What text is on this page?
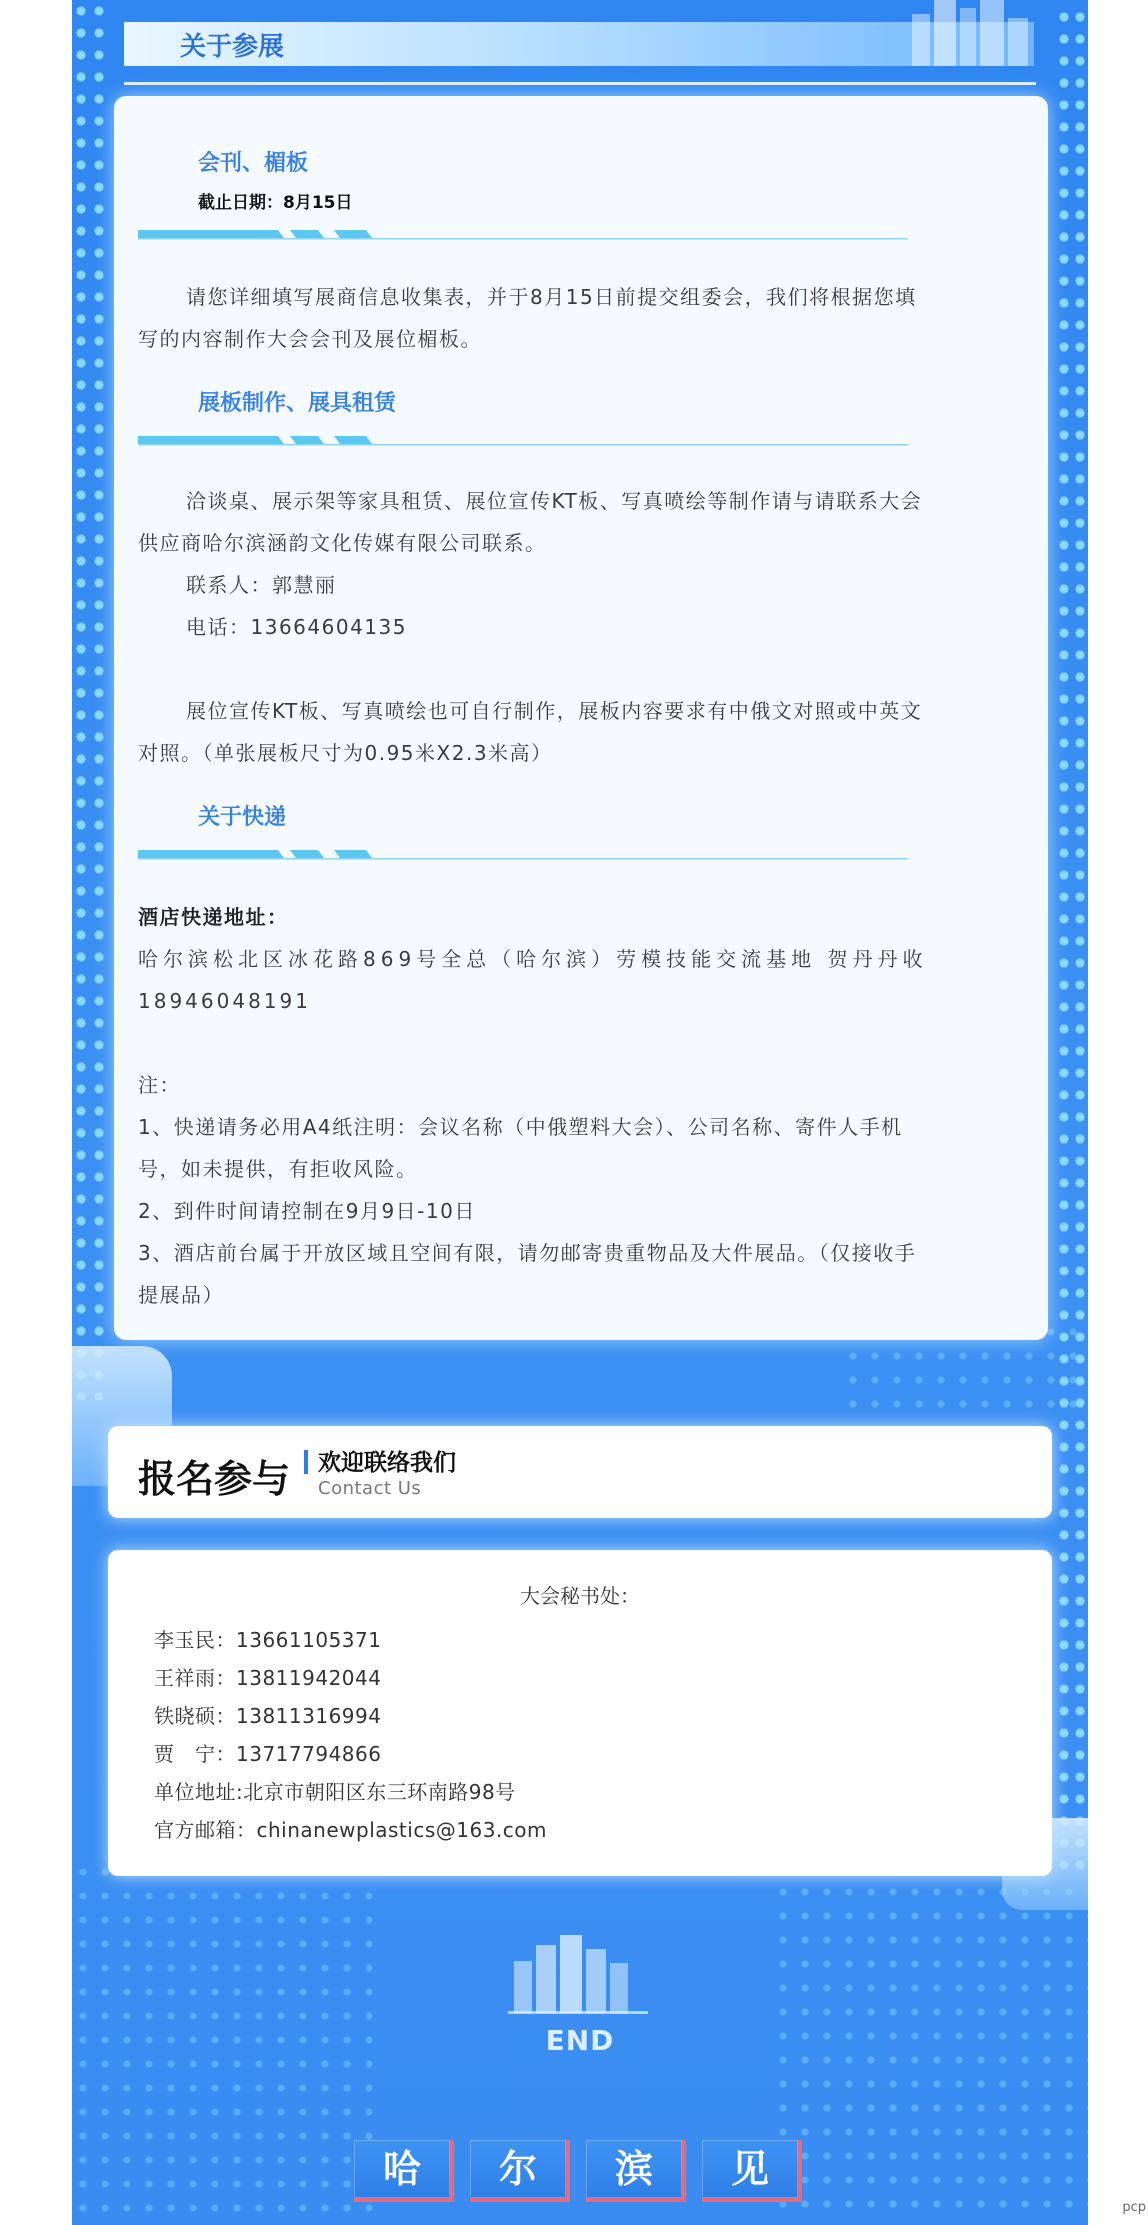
关于参展
会刊、楣板
截止日期：8月15日
请您详细填写展商信息收集表，并于8月15日前提交组委会，我们将根据您填
写的内容制作大会会刊及展位楣板。
展板制作、展具租赁
洽谈桌、展示架等家具租赁、展位宣传KT板、写真喷绘等制作请与请联系大会
供应商哈尔滨涵韵文化传媒有限公司联系。
联系人：郭慧丽
电话：13664604135

展位宣传KT板、写真喷绘也可自行制作，展板内容要求有中俄文对照或中英文
对照。（单张展板尺寸为0.95米X2.3米高）
关于快递
酒店快递地址：
哈尔滨松北区冰花路869号全总（哈尔滨）劳模技能交流基地 贺丹丹收
18946048191

注：
1、快递请务必用A4纸注明：会议名称（中俄塑料大会）、公司名称、寄件人手机
号，如未提供，有拒收风险。
2、到件时间请控制在9月9日-10日
3、酒店前台属于开放区域且空间有限，请勿邮寄贵重物品及大件展品。（仅接收手
提展品）
报名参与 欢迎联络我们
Contact Us
大会秘书处：
李玉民：13661105371
王祥雨：13811942044
铁晓硕：13811316994
贾　宁：13717794866
单位地址:北京市朝阳区东三环南路98号
官方邮箱：chinanewplastics@163.com
END
哈	尔	滨	见
pcp
